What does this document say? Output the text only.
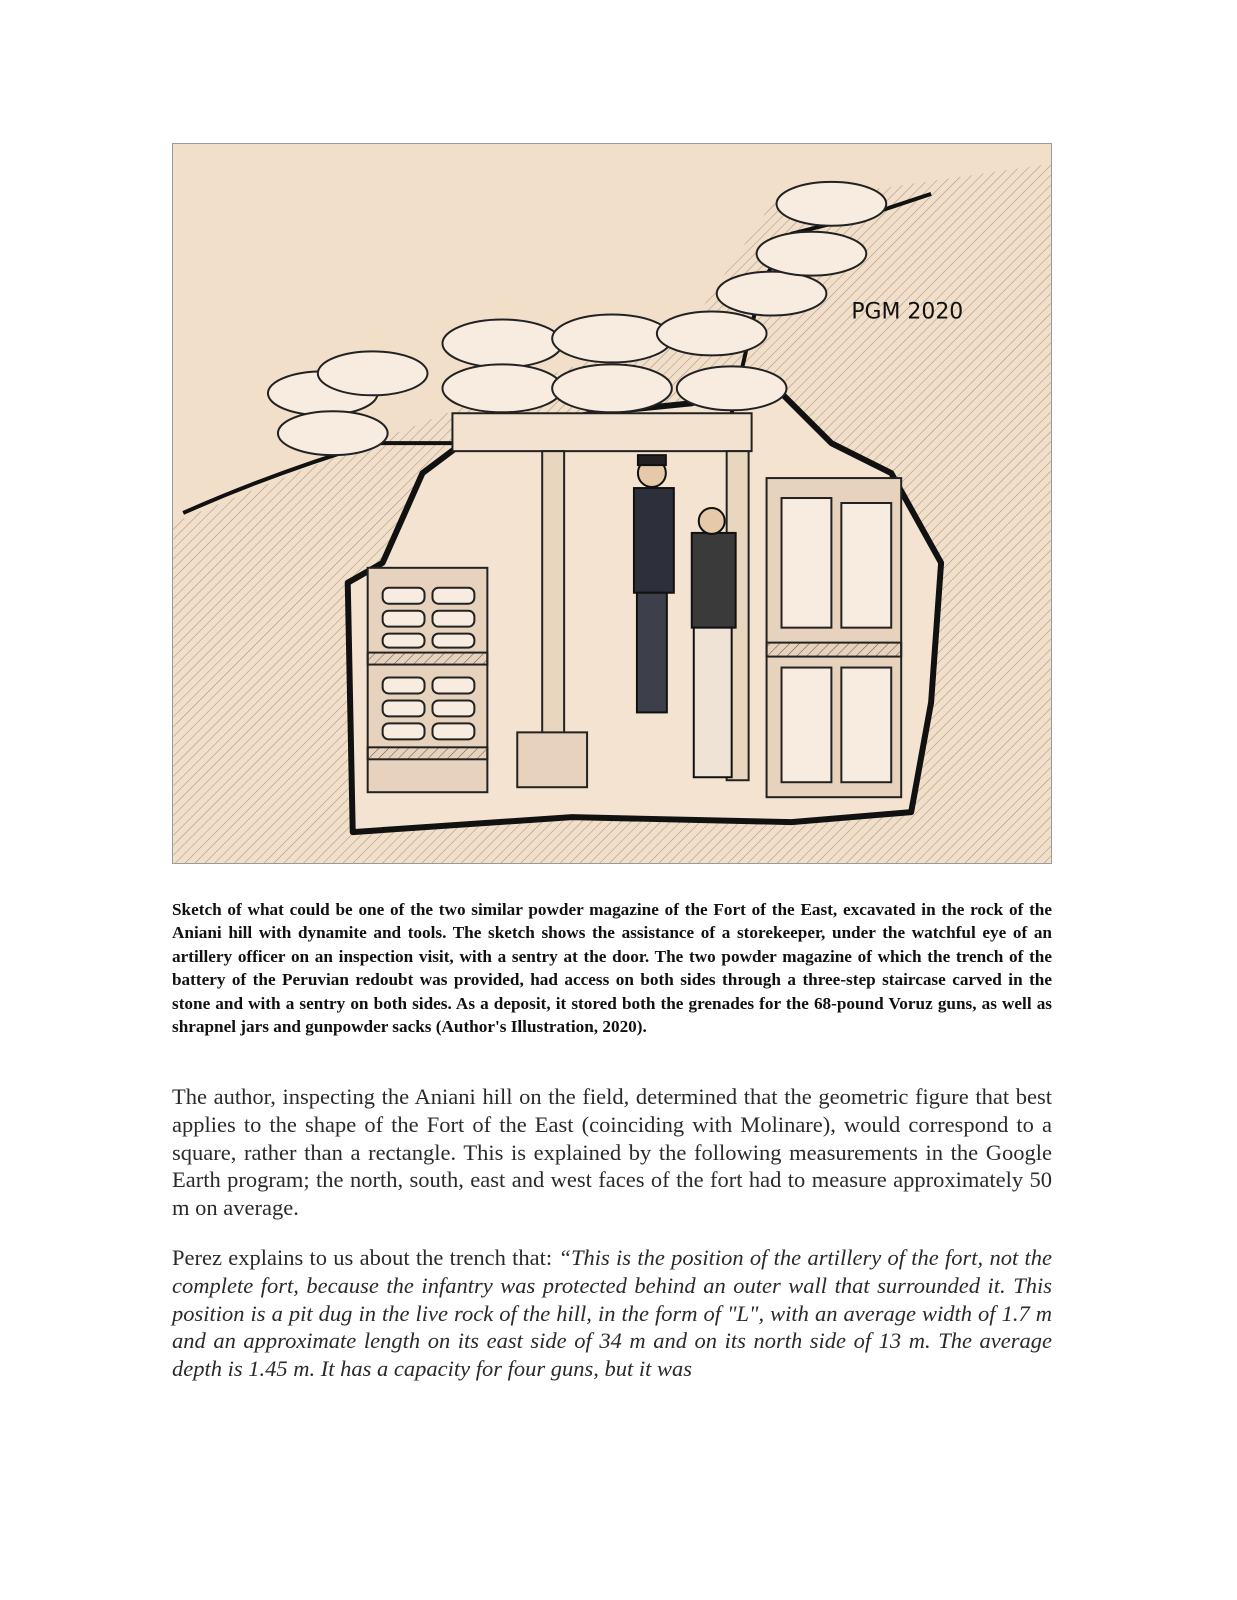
PGM 2020

Sketch of what could be one of the two similar powder magazine of the Fort of the East, excavated in the rock of the Aniani hill with dynamite and tools. The sketch shows the assistance of a storekeeper, under the watchful eye of an artillery officer on an inspection visit, with a sentry at the door. The two powder magazine of which the trench of the battery of the Peruvian redoubt was provided, had access on both sides through a three-step staircase carved in the stone and with a sentry on both sides. As a deposit, it stored both the grenades for the 68-pound Voruz guns, as well as shrapnel jars and gunpowder sacks (Author's Illustration, 2020).

The author, inspecting the Aniani hill on the field, determined that the geometric figure that best applies to the shape of the Fort of the East (coinciding with Molinare), would correspond to a square, rather than a rectangle. This is explained by the following measurements in the Google Earth program; the north, south, east and west faces of the fort had to measure approximately 50 m on average.

Perez explains to us about the trench that: “This is the position of the artillery of the fort, not the complete fort, because the infantry was protected behind an outer wall that surrounded it. This position is a pit dug in the live rock of the hill, in the form of "L", with an average width of 1.7 m and an approximate length on its east side of 34 m and on its north side of 13 m. The average depth is 1.45 m. It has a capacity for four guns, but it was
